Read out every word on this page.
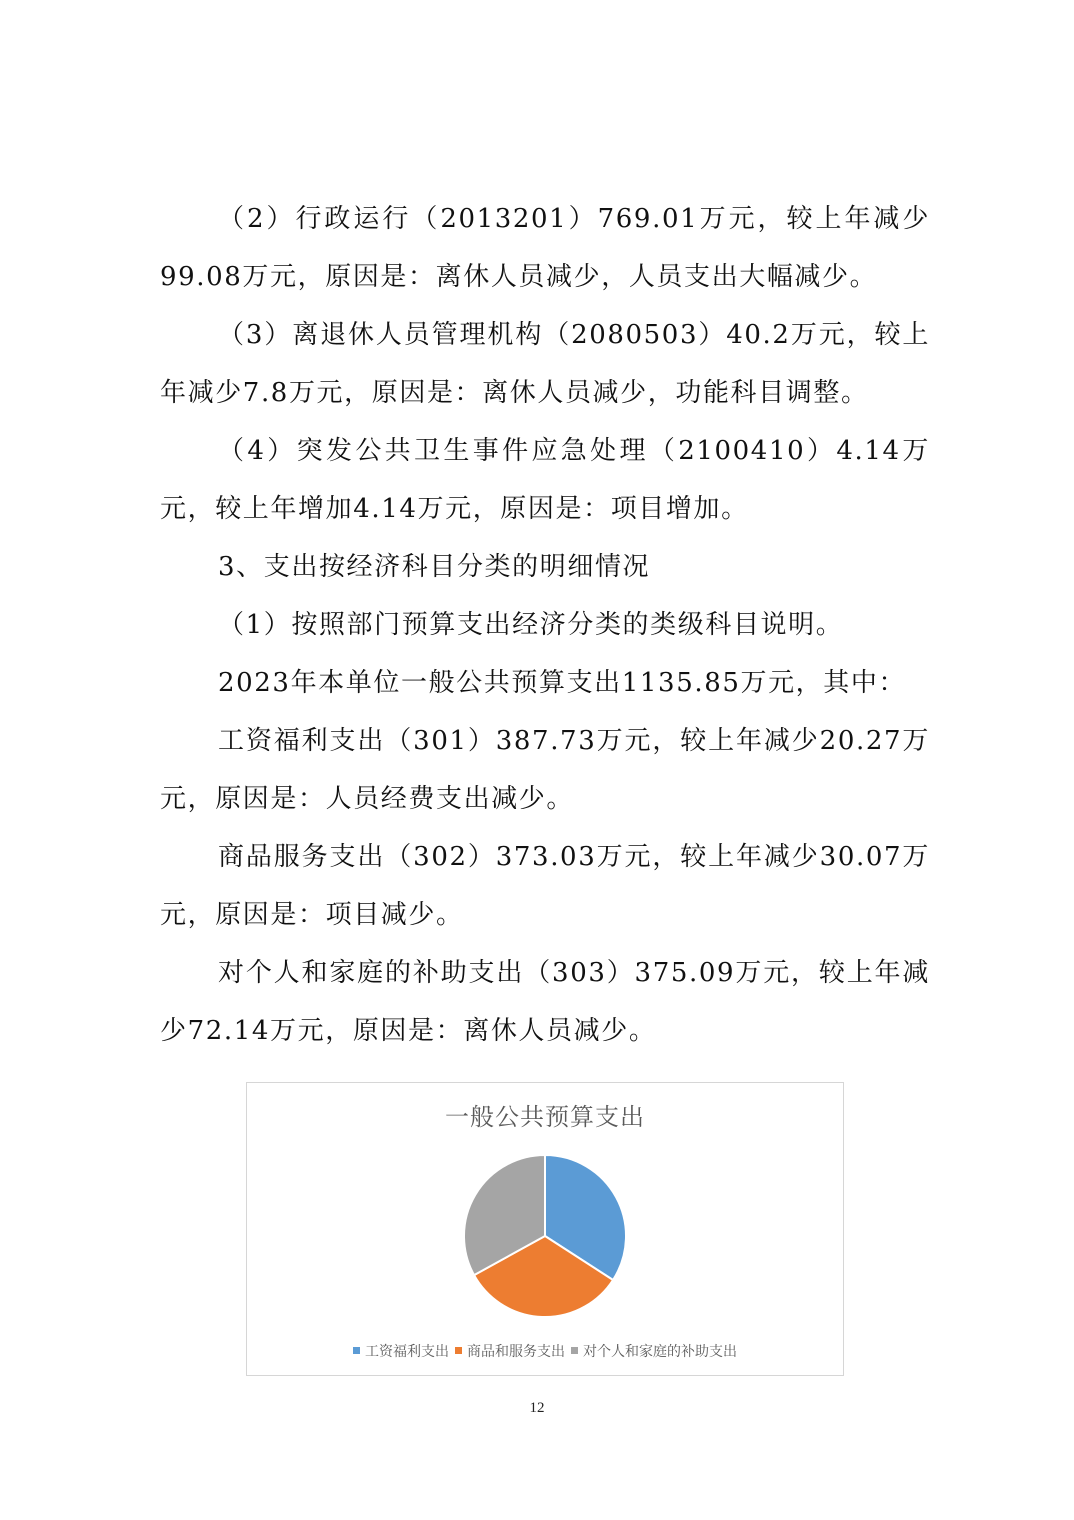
（2）行政运行（2013201）769.01万元，较上年减少99.08万元，原因是：离休人员减少，人员支出大幅减少。

（3）离退休人员管理机构（2080503）40.2万元，较上年减少7.8万元，原因是：离休人员减少，功能科目调整。

（4）突发公共卫生事件应急处理（2100410）4.14万元，较上年增加4.14万元，原因是：项目增加。

3、支出按经济科目分类的明细情况

（1）按照部门预算支出经济分类的类级科目说明。

2023年本单位一般公共预算支出1135.85万元，其中：

工资福利支出（301）387.73万元，较上年减少20.27万元，原因是：人员经费支出减少。

商品服务支出（302）373.03万元，较上年减少30.07万元，原因是：项目减少。

对个人和家庭的补助支出（303）375.09万元，较上年减少72.14万元，原因是：离休人员减少。

一般公共预算支出
工资福利支出 商品和服务支出 对个人和家庭的补助支出
12
